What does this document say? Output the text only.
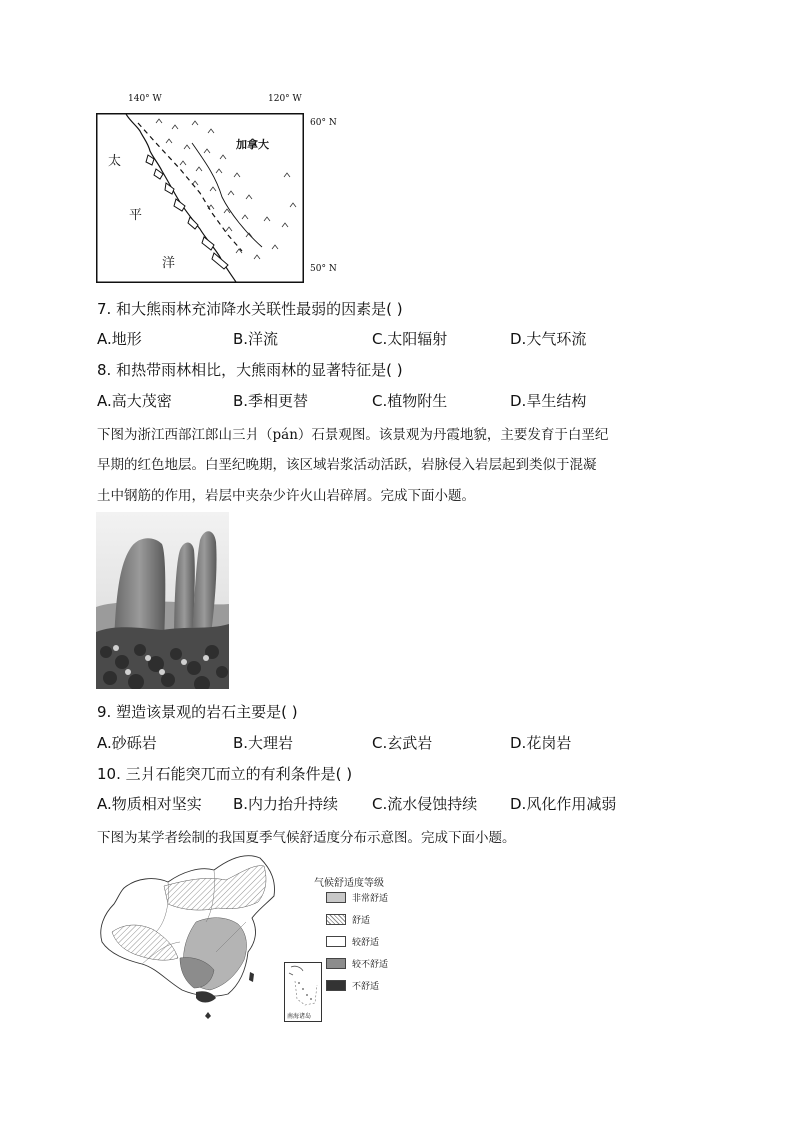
140° W	120° W
60° N
50° N
加拿大
太
平
洋
7. 和大熊雨林充沛降水关联性最弱的因素是( )
A.地形	B.洋流	C.太阳辐射	D.大气环流
8. 和热带雨林相比，大熊雨林的显著特征是( )
A.高大茂密	B.季相更替	C.植物附生	D.旱生结构
下图为浙江西部江郎山三爿（pán）石景观图。该景观为丹霞地貌，主要发育于白垩纪
早期的红色地层。白垩纪晚期，该区域岩浆活动活跃，岩脉侵入岩层起到类似于混凝
土中钢筋的作用，岩层中夹杂少许火山岩碎屑。完成下面小题。
9. 塑造该景观的岩石主要是( )
A.砂砾岩	B.大理岩	C.玄武岩	D.花岗岩
10. 三爿石能突兀而立的有利条件是( )
A.物质相对坚实 B.内力抬升持续 C.流水侵蚀持续 D.风化作用减弱
下图为某学者绘制的我国夏季气候舒适度分布示意图。完成下面小题。
南海诸岛
气候舒适度等级
非常舒适
舒适
较舒适
较不舒适
不舒适
